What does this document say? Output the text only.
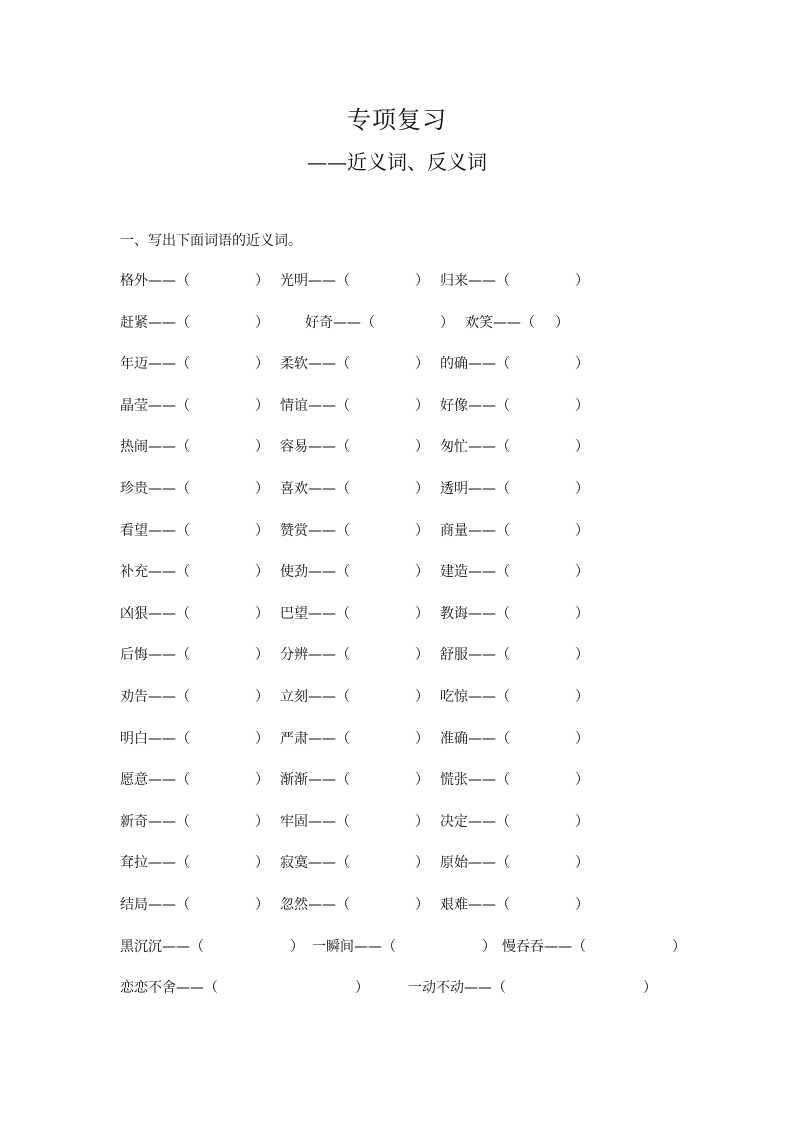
专项复习
——近义词、反义词
一、写出下面词语的近义词。
格外——（	） 光明——（	） 归来——（	）
赶紧——（	）	好奇——（	） 欢笑——（ ）
年迈——（	） 柔软——（	） 的确——（	）
晶莹——（	） 情谊——（	） 好像——（	）
热闹——（	） 容易——（	） 匆忙——（	）
珍贵——（	） 喜欢——（	） 透明——（	）
看望——（	） 赞赏——（	） 商量——（	）
补充——（	） 使劲——（	） 建造——（	）
凶狠——（	） 巴望——（	） 教诲——（	）
后悔——（	） 分辨——（	） 舒服——（	）
劝告——（	） 立刻——（	） 吃惊——（	）
明白——（	） 严肃——（	） 准确——（	）
愿意——（	） 渐渐——（	） 慌张——（	）
新奇——（	） 牢固——（	） 决定——（	）
耷拉——（	） 寂寞——（	） 原始——（	）
结局——（	） 忽然——（	） 艰难——（	）
黑沉沉——（	） 一瞬间——（	） 慢吞吞——（	）
恋恋不舍——（	）	一动不动——（	）
